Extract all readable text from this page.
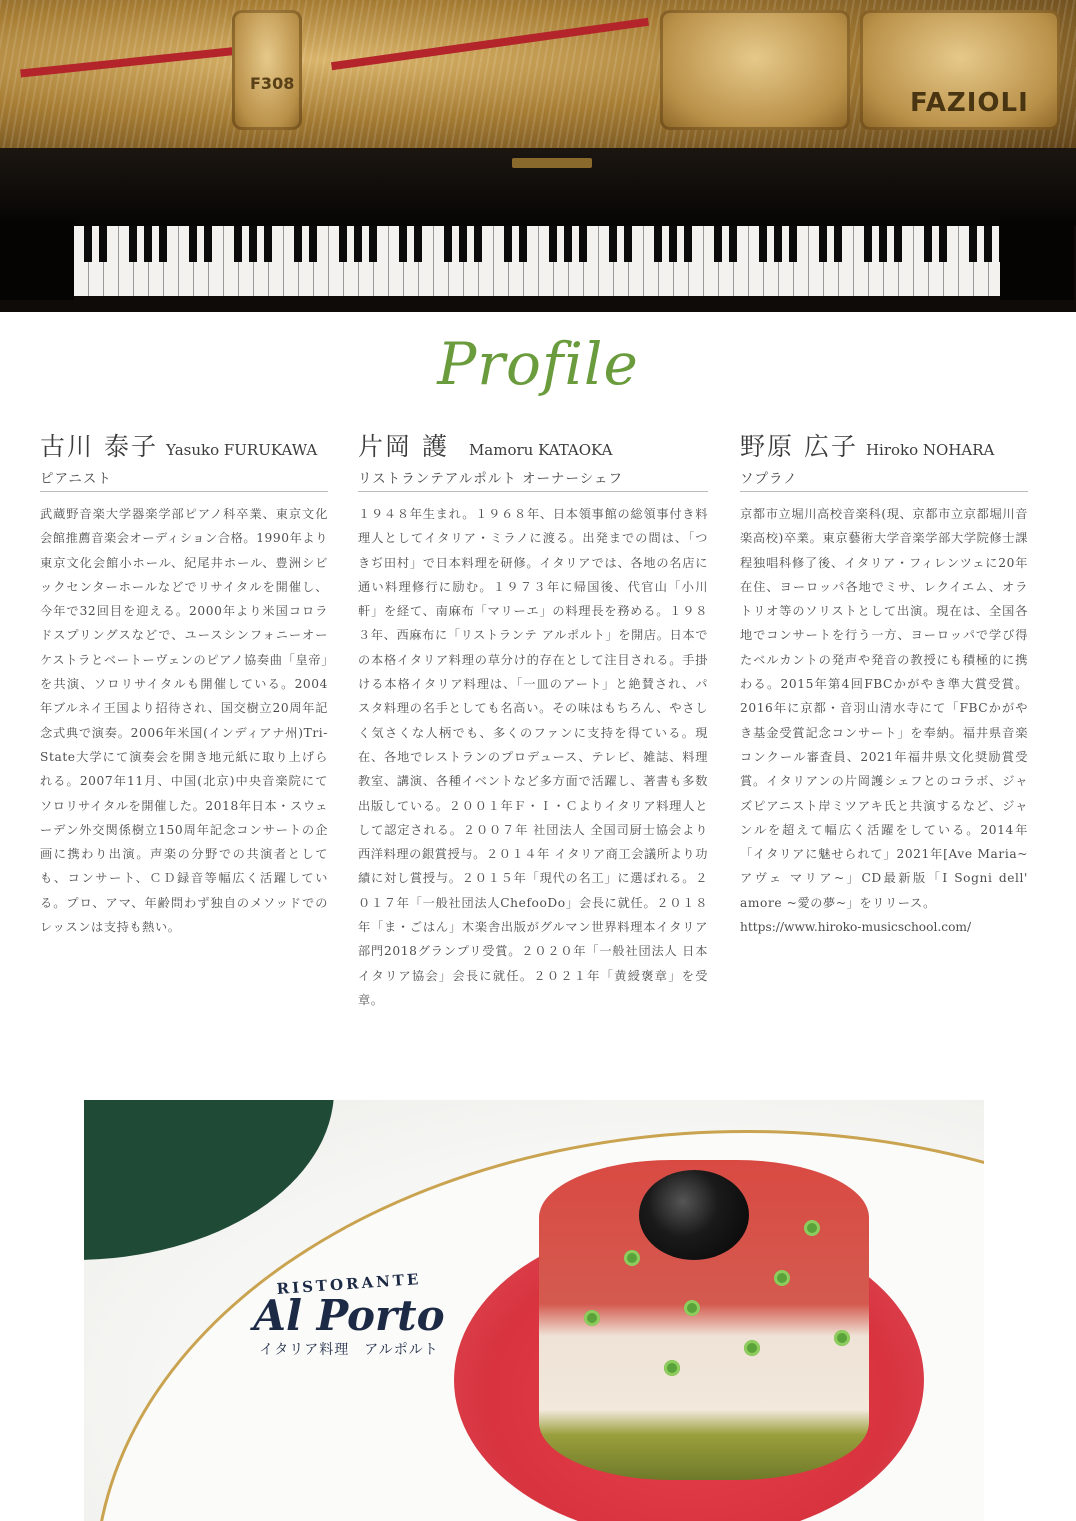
F308
FAZIOLI
Profile
古川 泰子 Yasuko FURUKAWA
ピアニスト

武蔵野音楽大学器楽学部ピアノ科卒業、東京文化会館推薦音楽会オーディション合格。1990年より東京文化会館小ホール、紀尾井ホール、豊洲シビックセンターホールなどでリサイタルを開催し、今年で32回目を迎える。2000年より米国コロラドスプリングスなどで、ユースシンフォニーオーケストラとベートーヴェンのピアノ協奏曲「皇帝」を共演、ソロリサイタルも開催している。2004年ブルネイ王国より招待され、国交樹立20周年記念式典で演奏。2006年米国(インディアナ州)Tri-State大学にて演奏会を開き地元紙に取り上げられる。2007年11月、中国(北京)中央音楽院にてソロリサイタルを開催した。2018年日本・スウェーデン外交関係樹立150周年記念コンサートの企画に携わり出演。声楽の分野での共演者としても、コンサート、ＣＤ録音等幅広く活躍している。プロ、アマ、年齢問わず独自のメソッドでのレッスンは支持も熱い。

片岡 護 Mamoru KATAOKA
リストランテアルポルト オーナーシェフ

１９４８年生まれ。１９６８年、日本領事館の総領事付き料理人としてイタリア・ミラノに渡る。出発までの間は、「つきぢ田村」で日本料理を研修。イタリアでは、各地の名店に通い料理修行に励む。１９７３年に帰国後、代官山「小川軒」を経て、南麻布「マリーエ」の料理長を務める。１９８３年、西麻布に「リストランテ アルポルト」を開店。日本での本格イタリア料理の草分け的存在として注目される。手掛ける本格イタリア料理は、「一皿のアート」と絶賛され、パスタ料理の名手としても名高い。その味はもちろん、やさしく気さくな人柄でも、多くのファンに支持を得ている。現在、各地でレストランのプロデュース、テレビ、雑誌、料理教室、講演、各種イベントなど多方面で活躍し、著書も多数出版している。２００１年Ｆ・Ｉ・Ｃよりイタリア料理人として認定される。２００７年 社団法人 全国司厨士協会より西洋料理の銀賞授与。２０１４年 イタリア商工会議所より功績に対し賞授与。２０１５年「現代の名工」に選ばれる。２０１７年「一般社団法人ChefooDo」会長に就任。２０１８年「ま・ごはん」木楽舎出版がグルマン世界料理本イタリア部門2018グランプリ受賞。２０２０年「一般社団法人 日本イタリア協会」会長に就任。２０２１年「黄綬褒章」を受章。

野原 広子 Hiroko NOHARA
ソプラノ

京都市立堀川高校音楽科(現、京都市立京都堀川音楽高校)卒業。東京藝術大学音楽学部大学院修士課程独唱科修了後、イタリア・フィレンツェに20年在住、ヨーロッパ各地でミサ、レクイエム、オラトリオ等のソリストとして出演。現在は、全国各地でコンサートを行う一方、ヨーロッパで学び得たベルカントの発声や発音の教授にも積極的に携わる。2015年第4回FBCかがやき準大賞受賞。2016年に京都・音羽山清水寺にて「FBCかがやき基金受賞記念コンサート」を奉納。福井県音楽コンクール審査員、2021年福井県文化奨励賞受賞。イタリアンの片岡護シェフとのコラボ、ジャズピアニスト岸ミツアキ氏と共演するなど、ジャンルを超えて幅広く活躍をしている。2014年「イタリアに魅せられて」2021年[Ave Maria~アヴェ マリア~」CD最新版「I Sogni dell' amore ~愛の夢~」をリリース。

https://www.hiroko-musicschool.com/
RISTORANTE
Al Porto
イタリア料理　アルポルト
